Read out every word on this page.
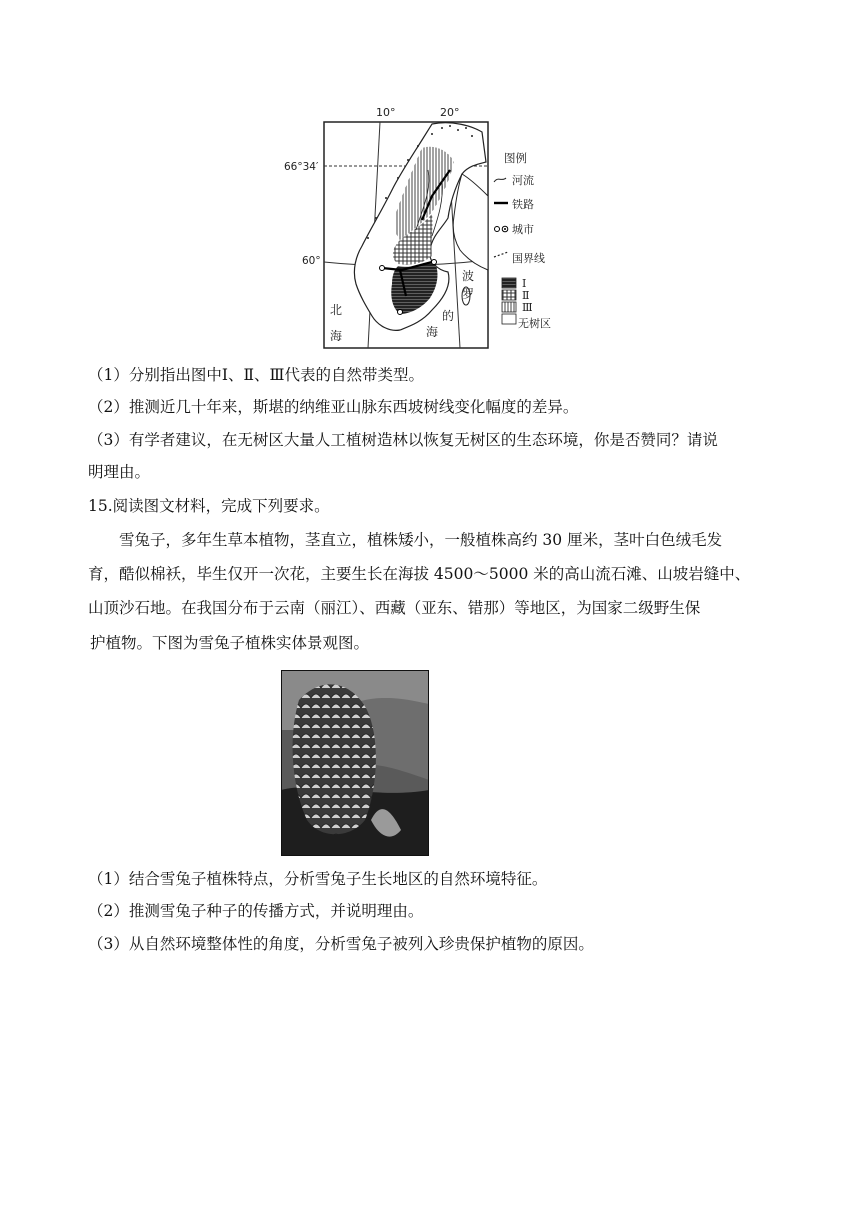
10°	20°
66°34′
60°
北
海
波
罗
的
海
图例
河流
铁路
城市
国界线
Ⅰ
Ⅱ
Ⅲ
无树区
（1）分别指出图中Ⅰ、Ⅱ、Ⅲ代表的自然带类型。
（2）推测近几十年来，斯堪的纳维亚山脉东西坡树线变化幅度的差异。
（3）有学者建议，在无树区大量人工植树造林以恢复无树区的生态环境，你是否赞同？请说
明理由。
15.阅读图文材料，完成下列要求。
雪兔子，多年生草本植物，茎直立，植株矮小，一般植株高约 30 厘米，茎叶白色绒毛发
育，酷似棉袄，毕生仅开一次花，主要生长在海拔 4500～5000 米的高山流石滩、山坡岩缝中、
山顶沙石地。在我国分布于云南（丽江）、西藏（亚东、错那）等地区，为国家二级野生保
护植物。下图为雪兔子植株实体景观图。
（1）结合雪兔子植株特点，分析雪兔子生长地区的自然环境特征。
（2）推测雪兔子种子的传播方式，并说明理由。
（3）从自然环境整体性的角度，分析雪兔子被列入珍贵保护植物的原因。
